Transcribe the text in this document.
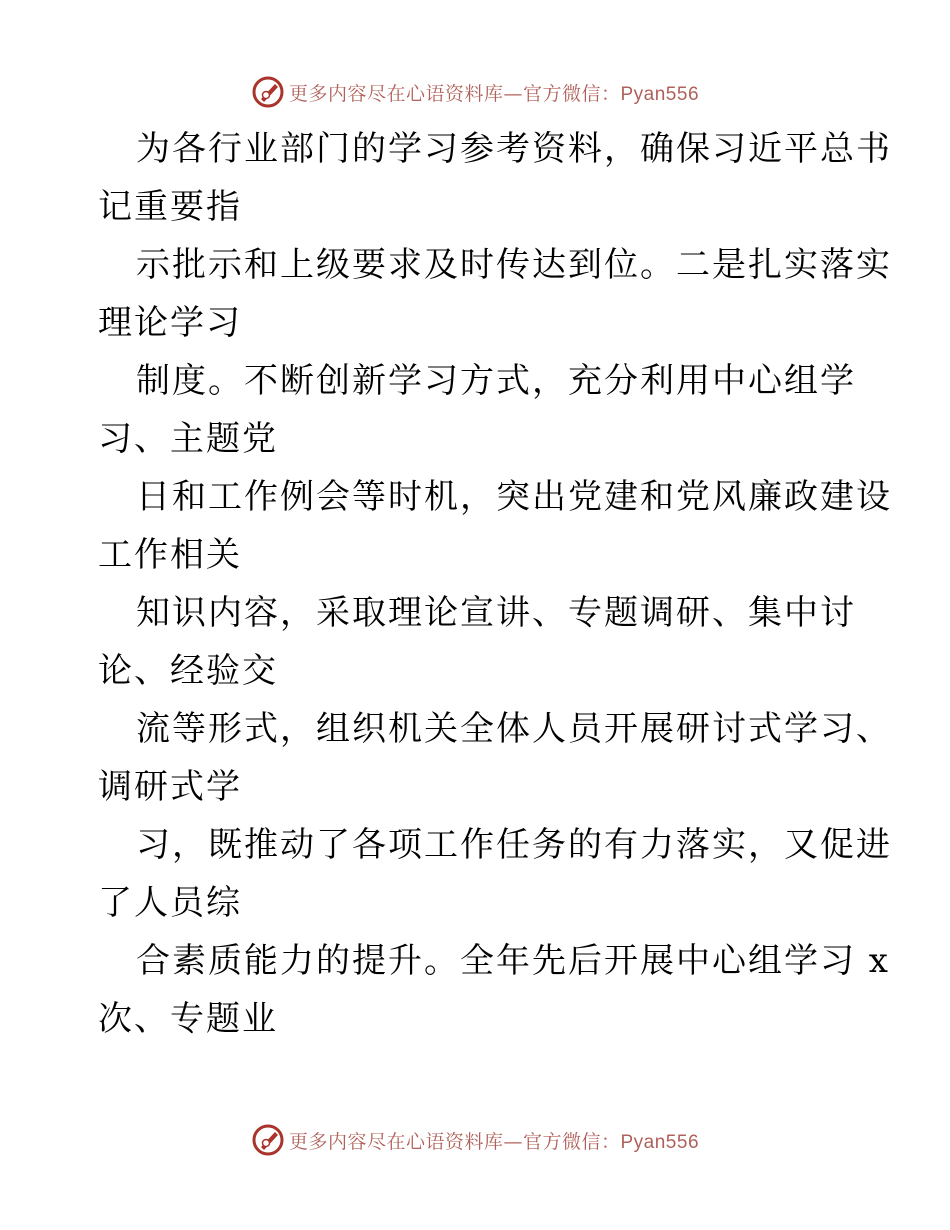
更多内容尽在心语资料库—官方微信：Pyan556
为各行业部门的学习参考资料，确保习近平总书
记重要指
示批示和上级要求及时传达到位。二是扎实落实
理论学习
制度。不断创新学习方式，充分利用中心组学
习、主题党
日和工作例会等时机，突出党建和党风廉政建设
工作相关
知识内容，采取理论宣讲、专题调研、集中讨
论、经验交
流等形式，组织机关全体人员开展研讨式学习、
调研式学
习，既推动了各项工作任务的有力落实，又促进
了人员综
合素质能力的提升。全年先后开展中心组学习 x
次、专题业
更多内容尽在心语资料库—官方微信：Pyan556
